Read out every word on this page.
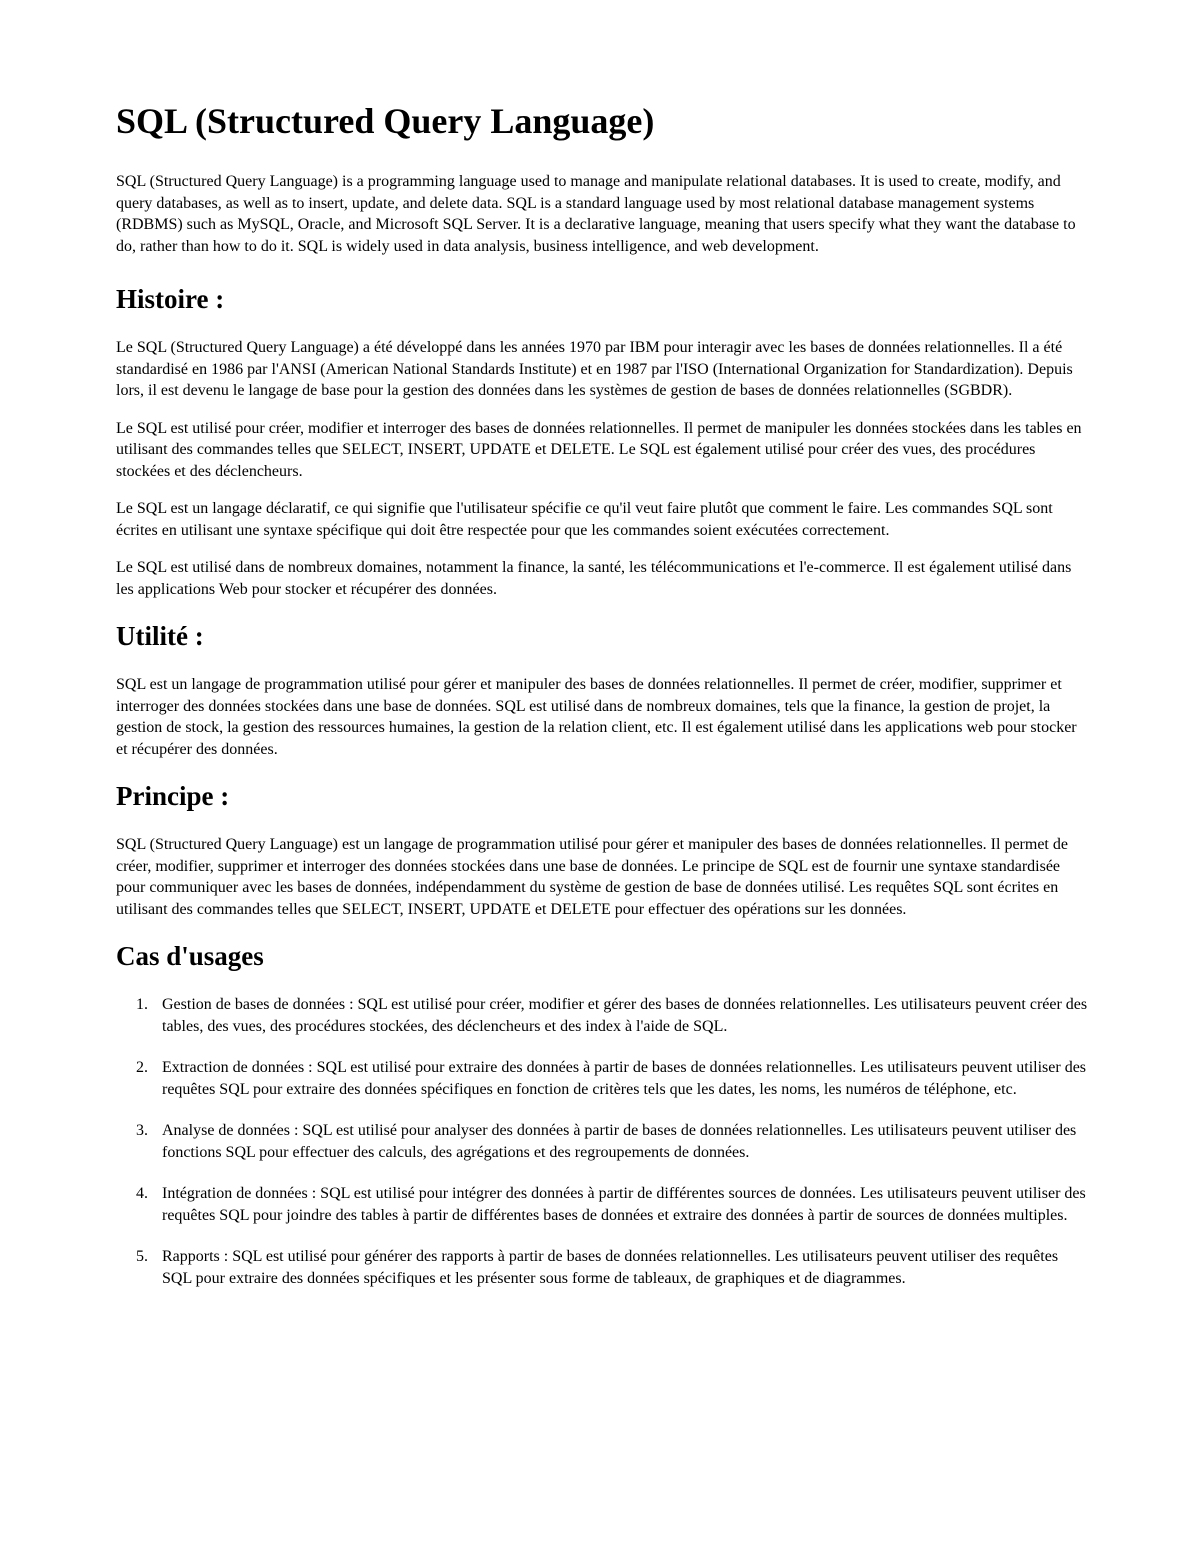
SQL (Structured Query Language)

SQL (Structured Query Language) is a programming language used to manage and manipulate relational databases. It is used to create, modify, and query databases, as well as to insert, update, and delete data. SQL is a standard language used by most relational database management systems (RDBMS) such as MySQL, Oracle, and Microsoft SQL Server. It is a declarative language, meaning that users specify what they want the database to do, rather than how to do it. SQL is widely used in data analysis, business intelligence, and web development.

Histoire :

Le SQL (Structured Query Language) a été développé dans les années 1970 par IBM pour interagir avec les bases de données relationnelles. Il a été standardisé en 1986 par l'ANSI (American National Standards Institute) et en 1987 par l'ISO (International Organization for Standardization). Depuis lors, il est devenu le langage de base pour la gestion des données dans les systèmes de gestion de bases de données relationnelles (SGBDR).

Le SQL est utilisé pour créer, modifier et interroger des bases de données relationnelles. Il permet de manipuler les données stockées dans les tables en utilisant des commandes telles que SELECT, INSERT, UPDATE et DELETE. Le SQL est également utilisé pour créer des vues, des procédures stockées et des déclencheurs.

Le SQL est un langage déclaratif, ce qui signifie que l'utilisateur spécifie ce qu'il veut faire plutôt que comment le faire. Les commandes SQL sont écrites en utilisant une syntaxe spécifique qui doit être respectée pour que les commandes soient exécutées correctement.

Le SQL est utilisé dans de nombreux domaines, notamment la finance, la santé, les télécommunications et l'e-commerce. Il est également utilisé dans les applications Web pour stocker et récupérer des données.

Utilité :

SQL est un langage de programmation utilisé pour gérer et manipuler des bases de données relationnelles. Il permet de créer, modifier, supprimer et interroger des données stockées dans une base de données. SQL est utilisé dans de nombreux domaines, tels que la finance, la gestion de projet, la gestion de stock, la gestion des ressources humaines, la gestion de la relation client, etc. Il est également utilisé dans les applications web pour stocker et récupérer des données.

Principe :

SQL (Structured Query Language) est un langage de programmation utilisé pour gérer et manipuler des bases de données relationnelles. Il permet de créer, modifier, supprimer et interroger des données stockées dans une base de données. Le principe de SQL est de fournir une syntaxe standardisée pour communiquer avec les bases de données, indépendamment du système de gestion de base de données utilisé. Les requêtes SQL sont écrites en utilisant des commandes telles que SELECT, INSERT, UPDATE et DELETE pour effectuer des opérations sur les données.

Cas d'usages
1. Gestion de bases de données : SQL est utilisé pour créer, modifier et gérer des bases de données relationnelles. Les utilisateurs peuvent créer des tables, des vues, des procédures stockées, des déclencheurs et des index à l'aide de SQL.
2. Extraction de données : SQL est utilisé pour extraire des données à partir de bases de données relationnelles. Les utilisateurs peuvent utiliser des requêtes SQL pour extraire des données spécifiques en fonction de critères tels que les dates, les noms, les numéros de téléphone, etc.
3. Analyse de données : SQL est utilisé pour analyser des données à partir de bases de données relationnelles. Les utilisateurs peuvent utiliser des fonctions SQL pour effectuer des calculs, des agrégations et des regroupements de données.
4. Intégration de données : SQL est utilisé pour intégrer des données à partir de différentes sources de données. Les utilisateurs peuvent utiliser des requêtes SQL pour joindre des tables à partir de différentes bases de données et extraire des données à partir de sources de données multiples.
5. Rapports : SQL est utilisé pour générer des rapports à partir de bases de données relationnelles. Les utilisateurs peuvent utiliser des requêtes SQL pour extraire des données spécifiques et les présenter sous forme de tableaux, de graphiques et de diagrammes.
